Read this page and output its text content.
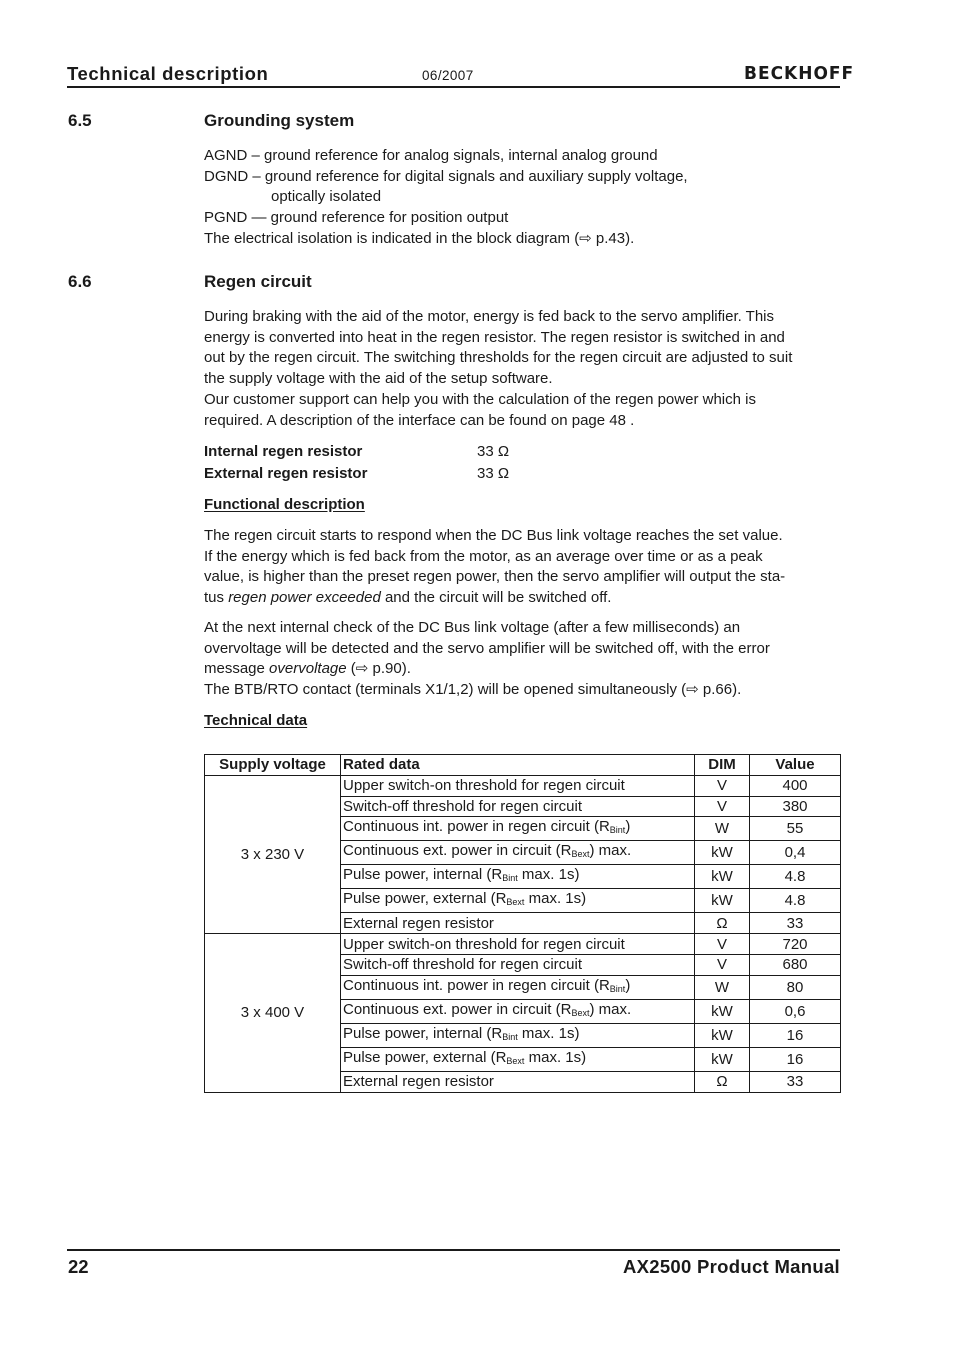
Technical description	06/2007	BECKHOFF
6.5	Grounding system
AGND – ground reference for analog signals, internal analog ground
DGND – ground reference for digital signals and auxiliary supply voltage,
optically isolated
PGND — ground reference for position output
The electrical isolation is indicated in the block diagram (⇨ p.43).
6.6	Regen circuit
During braking with the aid of the motor, energy is fed back to the servo amplifier. This
energy is converted into heat in the regen resistor. The regen resistor is switched in and
out by the regen circuit. The switching thresholds for the regen circuit are adjusted to suit
the supply voltage with the aid of the setup software.
Our customer support can help you with the calculation of the regen power which is
required. A description of the interface can be found on page 48 .
Internal regen resistor	33 Ω
External regen resistor	33 Ω
Functional description
The regen circuit starts to respond when the DC Bus link voltage reaches the set value.
If the energy which is fed back from the motor, as an average over time or as a peak
value, is higher than the preset regen power, then the servo amplifier will output the sta-
tus regen power exceeded and the circuit will be switched off.
At the next internal check of the DC Bus link voltage (after a few milliseconds) an
overvoltage will be detected and the servo amplifier will be switched off, with the error
message overvoltage (⇨ p.90).
The BTB/RTO contact (terminals X1/1,2) will be opened simultaneously (⇨ p.66).
Technical data
Supply voltage	Rated data	DIM	Value
3 x 230 V	Upper switch-on threshold for regen circuit	V	400
	Switch-off threshold for regen circuit	V	380
	Continuous int. power in regen circuit $(R_{Bint})$	W	55
	Continuous ext. power in circuit $(R_{Bext})$ max.	kW	0,4
	Pulse power, internal ($R_{Bint}$ max. 1s)	kW	4.8
	Pulse power, external ($R_{Bext}$ max. 1s)	kW	4.8
	External regen resistor	Ω	33
3 x 400 V	Upper switch-on threshold for regen circuit	V	720
	Switch-off threshold for regen circuit	V	680
	Continuous int. power in regen circuit $(R_{Bint})$	W	80
	Continuous ext. power in circuit $(R_{Bext})$ max.	kW	0,6
	Pulse power, internal ($R_{Bint}$ max. 1s)	kW	16
	Pulse power, external ($R_{Bext}$ max. 1s)	kW	16
	External regen resistor	Ω	33
22	AX2500 Product Manual
